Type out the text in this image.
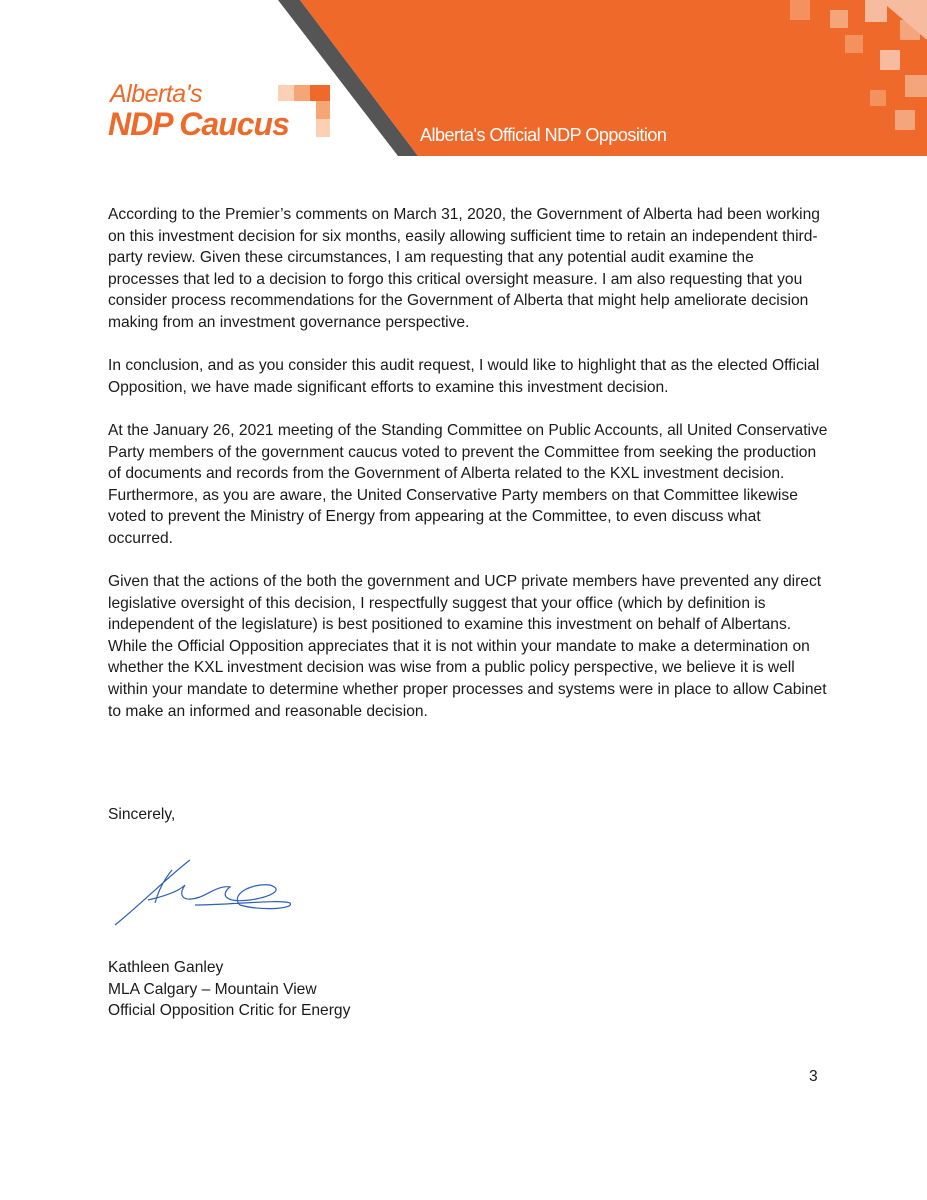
Alberta's
NDP Caucus	Alberta's Official NDP Opposition

According to the Premier’s comments on March 31, 2020, the Government of Alberta had been working on this investment decision for six months, easily allowing sufficient time to retain an independent third-party review. Given these circumstances, I am requesting that any potential audit examine the processes that led to a decision to forgo this critical oversight measure. I am also requesting that you consider process recommendations for the Government of Alberta that might help ameliorate decision making from an investment governance perspective.

In conclusion, and as you consider this audit request, I would like to highlight that as the elected Official Opposition, we have made significant efforts to examine this investment decision.

At the January 26, 2021 meeting of the Standing Committee on Public Accounts, all United Conservative Party members of the government caucus voted to prevent the Committee from seeking the production of documents and records from the Government of Alberta related to the KXL investment decision. Furthermore, as you are aware, the United Conservative Party members on that Committee likewise voted to prevent the Ministry of Energy from appearing at the Committee, to even discuss what occurred.

Given that the actions of the both the government and UCP private members have prevented any direct legislative oversight of this decision, I respectfully suggest that your office (which by definition is independent of the legislature) is best positioned to examine this investment on behalf of Albertans. While the Official Opposition appreciates that it is not within your mandate to make a determination on whether the KXL investment decision was wise from a public policy perspective, we believe it is well within your mandate to determine whether proper processes and systems were in place to allow Cabinet to make an informed and reasonable decision.

Sincerely,
Kathleen Ganley
MLA Calgary – Mountain View
Official Opposition Critic for Energy
3
